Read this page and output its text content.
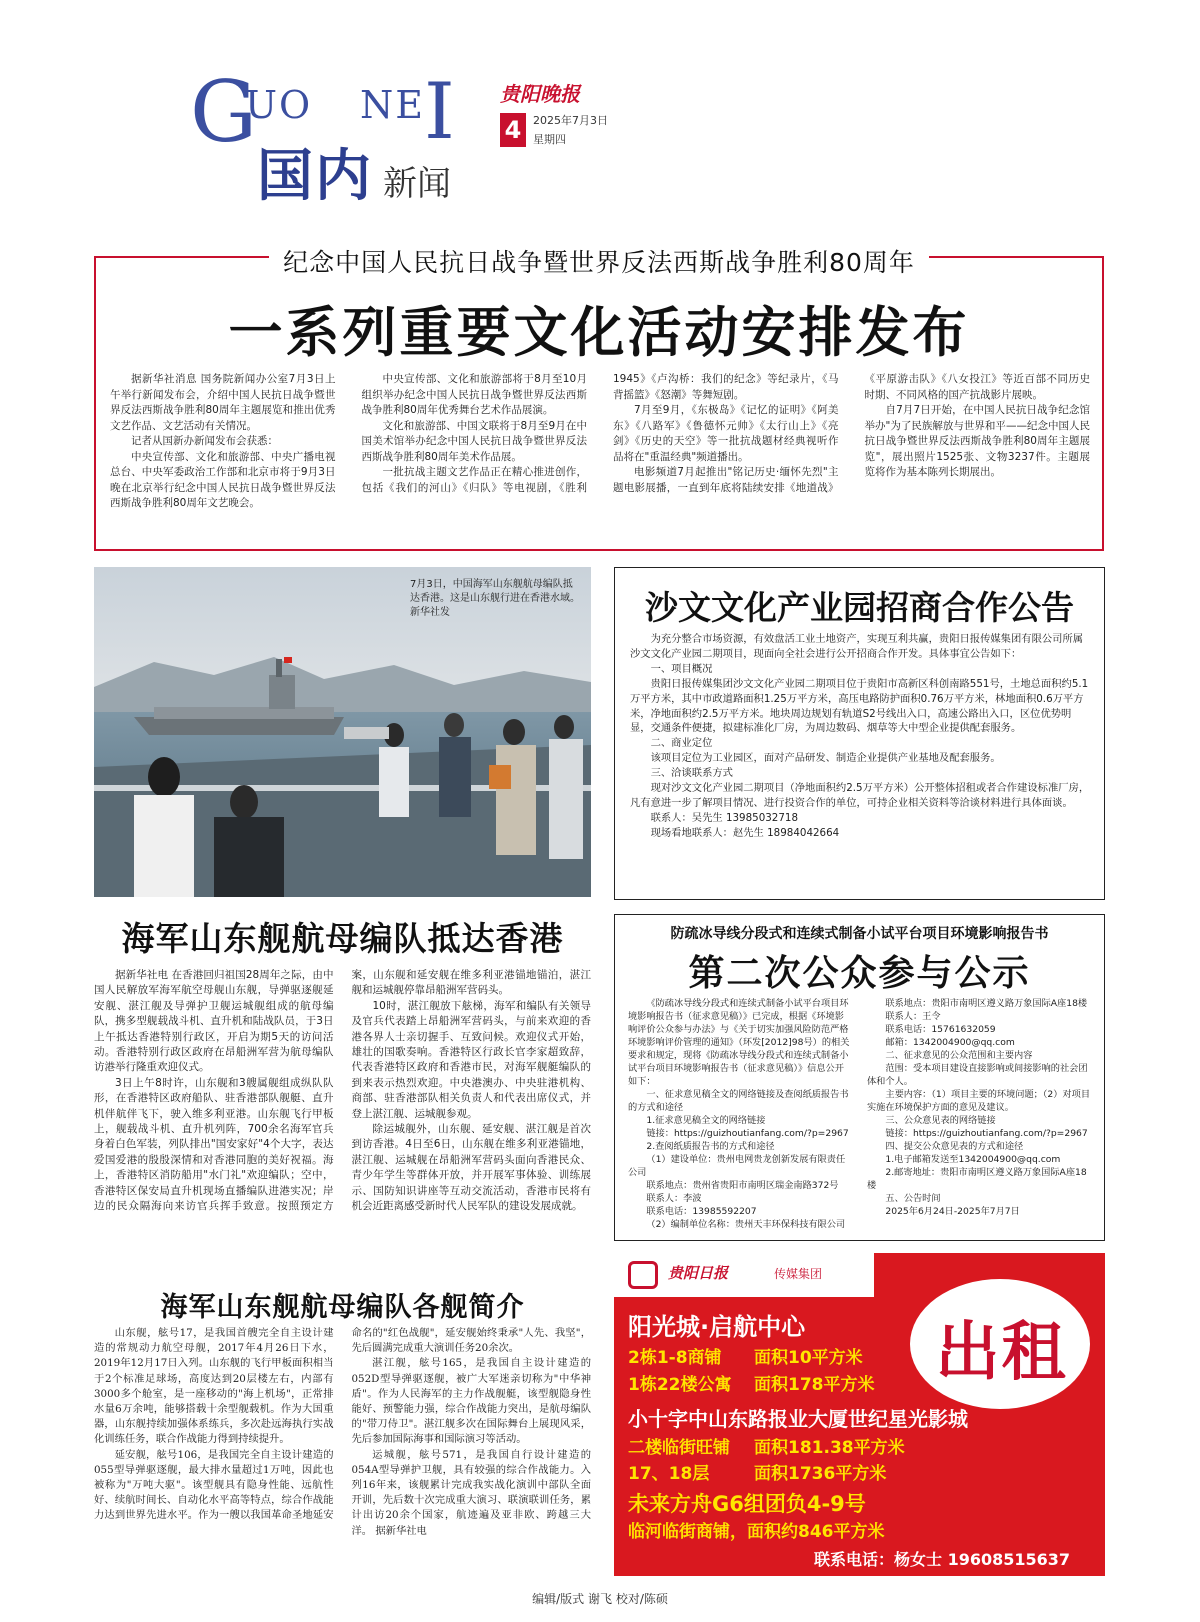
G
UO NE I
国内 新闻
贵阳晚报
4	2025年7月3日
星期四
纪念中国人民抗日战争暨世界反法西斯战争胜利80周年
一系列重要文化活动安排发布

据新华社消息 国务院新闻办公室7月3日上午举行新闻发布会，介绍中国人民抗日战争暨世界反法西斯战争胜利80周年主题展览和推出优秀文艺作品、文艺活动有关情况。

记者从国新办新闻发布会获悉：

中央宣传部、文化和旅游部、中央广播电视总台、中央军委政治工作部和北京市将于9月3日晚在北京举行纪念中国人民抗日战争暨世界反法西斯战争胜利80周年文艺晚会。

中央宣传部、文化和旅游部将于8月至10月组织举办纪念中国人民抗日战争暨世界反法西斯战争胜利80周年优秀舞台艺术作品展演。

文化和旅游部、中国文联将于8月至9月在中国美术馆举办纪念中国人民抗日战争暨世界反法西斯战争胜利80周年美术作品展。

一批抗战主题文艺作品正在精心推进创作，包括《我们的河山》《归队》等电视剧，《胜利1945》《卢沟桥：我们的纪念》等纪录片，《马背摇篮》《怒潮》等舞短剧。

7月至9月，《东极岛》《记忆的证明》《阿美东》《八路军》《鲁德怀元帅》《太行山上》《亮剑》《历史的天空》等一批抗战题材经典视听作品将在"重温经典"频道播出。

电影频道7月起推出"铭记历史·缅怀先烈"主题电影展播，一直到年底将陆续安排《地道战》《平原游击队》《八女投江》等近百部不同历史时期、不同风格的国产抗战影片展映。

自7月7日开始，在中国人民抗日战争纪念馆举办"为了民族解放与世界和平——纪念中国人民抗日战争暨世界反法西斯战争胜利80周年主题展览"，展出照片1525张、文物3237件。主题展览将作为基本陈列长期展出。

7月3日，中国海军山东舰航母编队抵达香港。这是山东舰行进在香港水域。 新华社发
海军山东舰航母编队抵达香港

据新华社电 在香港回归祖国28周年之际，由中国人民解放军海军航空母舰山东舰，导弹驱逐舰延安舰、湛江舰及导弹护卫舰运城舰组成的航母编队，携多型舰载战斗机、直升机和陆战队员，于3日上午抵达香港特别行政区，开启为期5天的访问活动。香港特别行政区政府在昂船洲军营为航母编队访港举行隆重欢迎仪式。

3日上午8时许，山东舰和3艘属舰组成纵队队形，在香港特区政府船队、驻香港部队舰艇、直升机伴航伴飞下，驶入维多利亚港。山东舰飞行甲板上，舰载战斗机、直升机列阵，700余名海军官兵身着白色军装，列队排出"国安家好"4个大字，表达爱国爱港的殷殷深情和对香港同胞的美好祝福。海上，香港特区消防船用"水门礼"欢迎编队；空中，香港特区保安局直升机现场直播编队进港实况；岸边的民众隔海向来访官兵挥手致意。按照预定方案，山东舰和延安舰在维多利亚港锚地锚泊，湛江舰和运城舰停靠昂船洲军营码头。

10时，湛江舰放下舷梯，海军和编队有关领导及官兵代表踏上昂船洲军营码头，与前来欢迎的香港各界人士亲切握手、互致问候。欢迎仪式开始，雄壮的国歌奏响。香港特区行政长官李家超致辞，代表香港特区政府和香港市民，对海军舰艇编队的到来表示热烈欢迎。中央港澳办、中央驻港机构、商部、驻香港部队相关负责人和代表出席仪式，并登上湛江舰、运城舰参观。

除运城舰外，山东舰、延安舰、湛江舰是首次到访香港。4日至6日，山东舰在维多利亚港锚地，湛江舰、运城舰在昂船洲军营码头面向香港民众、青少年学生等群体开放，并开展军事体验、训练展示、国防知识讲座等互动交流活动，香港市民将有机会近距离感受新时代人民军队的建设发展成就。

海军山东舰航母编队各舰简介

山东舰，舷号17，是我国首艘完全自主设计建造的常规动力航空母舰，2017年4月26日下水，2019年12月17日入列。山东舰的飞行甲板面积相当于2个标准足球场，高度达到20层楼左右，内部有3000多个舱室，是一座移动的"海上机场"，正常排水量6万余吨，能够搭载十余型舰载机。作为大国重器，山东舰持续加强体系练兵，多次赴远海执行实战化训练任务，联合作战能力得到持续提升。

延安舰，舷号106，是我国完全自主设计建造的055型导弹驱逐舰，最大排水量超过1万吨，因此也被称为"万吨大驱"。该型舰具有隐身性能、远航性好、续航时间长、自动化水平高等特点，综合作战能力达到世界先进水平。作为一艘以我国革命圣地延安命名的"红色战舰"，延安舰始终秉承"人先、我坚"，先后圆满完成重大演训任务20余次。

湛江舰，舷号165，是我国自主设计建造的052D型导弹驱逐舰，被广大军迷亲切称为"中华神盾"。作为人民海军的主力作战舰艇，该型舰隐身性能好、预警能力强，综合作战能力突出，是航母编队的"带刀侍卫"。湛江舰多次在国际舞台上展现风采，先后参加国际海事和国际演习等活动。

运城舰，舷号571，是我国自行设计建造的054A型导弹护卫舰，具有较强的综合作战能力。入列16年来，该舰累计完成我实战化演训中部队全面开训，先后数十次完成重大演习、联演联训任务，累计出访20余个国家，航迹遍及亚非欧、跨越三大洋。 据新华社电

沙文文化产业园招商合作公告

为充分整合市场资源，有效盘活工业土地资产，实现互利共赢，贵阳日报传媒集团有限公司所属沙文文化产业园二期项目，现面向全社会进行公开招商合作开发。具体事宜公告如下：

一、项目概况

贵阳日报传媒集团沙文文化产业园二期项目位于贵阳市高新区科创南路551号，土地总面积约5.1万平方米，其中市政道路面积1.25万平方米，高压电路防护面积0.76万平方米，林地面积0.6万平方米，净地面积约2.5万平方米。地块周边规划有轨道S2号线出入口，高速公路出入口，区位优势明显，交通条件便捷，拟建标准化厂房，为周边数码、烟草等大中型企业提供配套服务。

二、商业定位

该项目定位为工业园区，面对产品研发、制造企业提供产业基地及配套服务。

三、洽谈联系方式

现对沙文文化产业园二期项目（净地面积约2.5万平方米）公开整体招租或者合作建设标准厂房，凡有意进一步了解项目情况、进行投资合作的单位，可持企业相关资料等洽谈材料进行具体面谈。

联系人：吴先生 13985032718

现场看地联系人：赵先生 18984042664

防疏冰导线分段式和连续式制备小试平台项目环境影响报告书
第二次公众参与公示

《防疏冰导线分段式和连续式制备小试平台项目环境影响报告书（征求意见稿）》已完成，根据《环境影响评价公众参与办法》与《关于切实加强风险防范严格环境影响评价管理的通知》（环发[2012]98号）的相关要求和规定，现将《防疏冰导线分段式和连续式制备小试平台项目环境影响报告书（征求意见稿）》信息公开如下：

一、征求意见稿全文的网络链接及查阅纸质报告书的方式和途径

1.征求意见稿全文的网络链接

链接：https://guizhoutianfang.com/?p=2967

2.查阅纸质报告书的方式和途径

（1）建设单位：贵州电网贵龙创新发展有限责任公司

联系地点：贵州省贵阳市南明区瑞金南路372号

联系人：李波

联系电话：13985592207

（2）编制单位名称：贵州天丰环保科技有限公司

联系地点：贵阳市南明区遵义路万象国际A座18楼

联系人：王令

联系电话：15761632059

邮箱：1342004900@qq.com

二、征求意见的公众范围和主要内容

范围：受本项目建设直接影响或间接影响的社会团体和个人。

主要内容：（1）项目主要的环境问题；（2）对项目实施在环境保护方面的意见及建议。

三、公众意见表的网络链接

链接：https://guizhoutianfang.com/?p=2967

四、提交公众意见表的方式和途径

1.电子邮箱发送至1342004900@qq.com

2.邮寄地址：贵阳市南明区遵义路万象国际A座18楼

五、公告时间

2025年6月24日-2025年7月7日

贵阳日报	传媒集团
阳光城·启航中心
2栋1-8商铺 面积10平方米
1栋22楼公寓 面积178平方米
小十字中山东路报业大厦世纪星光影城
二楼临街旺铺 面积181.38平方米
17、18层	面积1736平方米
未来方舟G6组团负4-9号
临河临街商铺，面积约846平方米
出租
联系电话：杨女士 19608515637
编辑/版式 谢飞 校对/陈硕
